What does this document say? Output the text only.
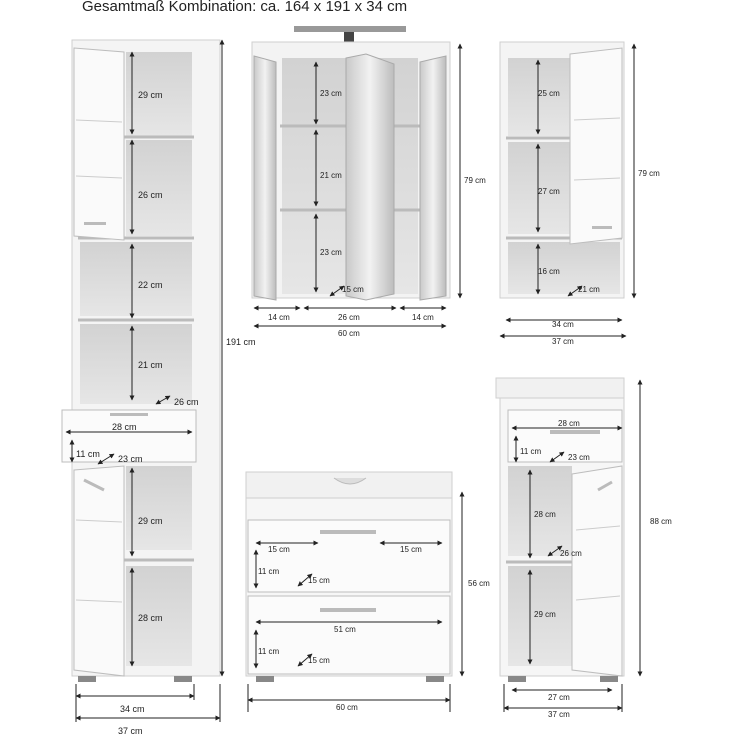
Gesamtmaß Kombination: ca. 164 x 191 x 34 cm
29 cm
26 cm
22 cm
21 cm
26 cm
28 cm
11 cm 23 cm
29 cm
28 cm
191 cm
34 cm
37 cm
23 cm
21 cm
23 cm
15 cm
14 cm	26 cm	14 cm
60 cm
79 cm
25 cm
27 cm
16 cm
21 cm
34 cm
37 cm
79 cm
15 cm	15 cm
11 cm
15 cm
51 cm
11 cm
15 cm
60 cm
56 cm
28 cm
11 cm
23 cm
28 cm
26 cm
29 cm
27 cm
37 cm
88 cm
